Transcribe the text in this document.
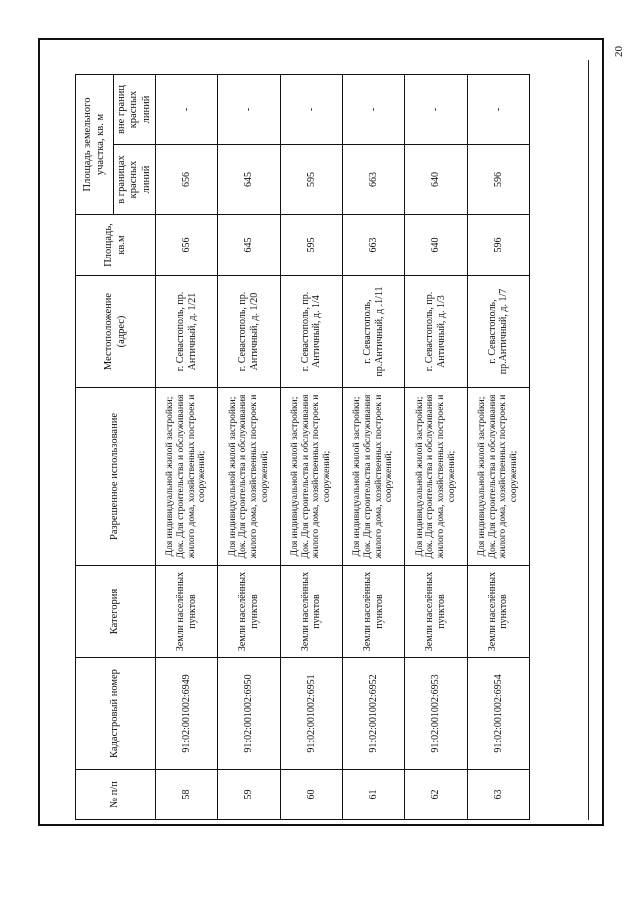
20
№ п/п	Кадастровый номер	Категория	Разрешенное использование	Местоположение (адрес)	Площадь, кв.м	Площадь земельного участка, кв. м	
						в границах красных линий	вне границ красных линий
58	91:02:001002:6949	Земли населённых пунктов	Для индивидуальной жилой застройки; Док. Для строительства и обслуживания жилого дома, хозяйственных построек и сооружений;	г. Севастополь, пр. Античный, д. 1/21	656	656	-
59	91:02:001002:6950	Земли населённых пунктов	Для индивидуальной жилой застройки; Док. Для строительства и обслуживания жилого дома, хозяйственных построек и сооружений;	г. Севастополь, пр. Античный, д. 1/20	645	645	-
60	91:02:001002:6951	Земли населённых пунктов	Для индивидуальной жилой застройки; Док. Для строительства и обслуживания жилого дома, хозяйственных построек и сооружений;	г. Севастополь, пр. Античный, д. 1/4	595	595	-
61	91:02:001002:6952	Земли населённых пунктов	Для индивидуальной жилой застройки; Док. Для строительства и обслуживания жилого дома, хозяйственных построек и сооружений;	г. Севастополь, пр.Античный, д .1/11	663	663	-
62	91:02:001002:6953	Земли населённых пунктов	Для индивидуальной жилой застройки; Док. Для строительства и обслуживания жилого дома, хозяйственных построек и сооружений;	г. Севастополь, пр. Античный, д. 1/3	640	640	-
63	91:02:001002:6954	Земли населённых пунктов	Для индивидуальной жилой застройки; Док. Для строительства и обслуживания жилого дома, хозяйственных построек и сооружений;	г. Севастополь, пр.Античный, д. 1/7	596	596	-
